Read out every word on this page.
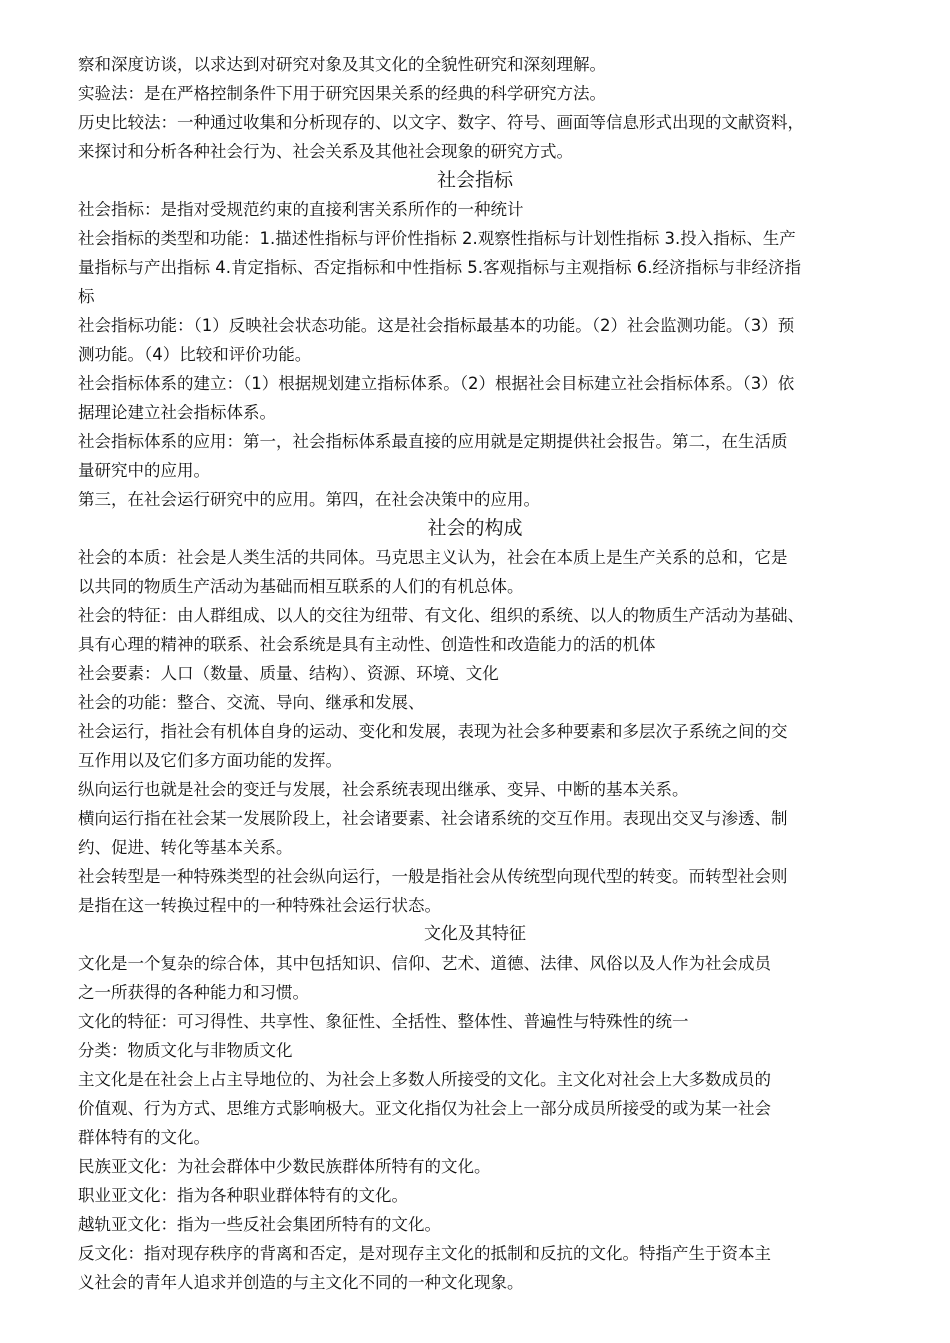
察和深度访谈，以求达到对研究对象及其文化的全貌性研究和深刻理解。
实验法：是在严格控制条件下用于研究因果关系的经典的科学研究方法。
历史比较法：一种通过收集和分析现存的、以文字、数字、符号、画面等信息形式出现的文献资料，
来探讨和分析各种社会行为、社会关系及其他社会现象的研究方式。
社会指标
社会指标：是指对受规范约束的直接利害关系所作的一种统计
社会指标的类型和功能：1.描述性指标与评价性指标 2.观察性指标与计划性指标 3.投入指标、生产
量指标与产出指标 4.肯定指标、否定指标和中性指标 5.客观指标与主观指标 6.经济指标与非经济指
标
社会指标功能：（1）反映社会状态功能。这是社会指标最基本的功能。（2）社会监测功能。（3）预
测功能。（4）比较和评价功能。
社会指标体系的建立：（1）根据规划建立指标体系。（2）根据社会目标建立社会指标体系。（3）依
据理论建立社会指标体系。
社会指标体系的应用：第一，社会指标体系最直接的应用就是定期提供社会报告。第二，在生活质
量研究中的应用。
第三，在社会运行研究中的应用。第四，在社会决策中的应用。
社会的构成
社会的本质：社会是人类生活的共同体。马克思主义认为，社会在本质上是生产关系的总和，它是
以共同的物质生产活动为基础而相互联系的人们的有机总体。
社会的特征：由人群组成、以人的交往为纽带、有文化、组织的系统、以人的物质生产活动为基础、
具有心理的精神的联系、社会系统是具有主动性、创造性和改造能力的活的机体
社会要素：人口（数量、质量、结构）、资源、环境、文化
社会的功能：整合、交流、导向、继承和发展、
社会运行，指社会有机体自身的运动、变化和发展，表现为社会多种要素和多层次子系统之间的交
互作用以及它们多方面功能的发挥。
纵向运行也就是社会的变迁与发展，社会系统表现出继承、变异、中断的基本关系。
横向运行指在社会某一发展阶段上，社会诸要素、社会诸系统的交互作用。表现出交叉与渗透、制
约、促进、转化等基本关系。
社会转型是一种特殊类型的社会纵向运行，一般是指社会从传统型向现代型的转变。而转型社会则
是指在这一转换过程中的一种特殊社会运行状态。
文化及其特征
文化是一个复杂的综合体，其中包括知识、信仰、艺术、道德、法律、风俗以及人作为社会成员
之一所获得的各种能力和习惯。
文化的特征：可习得性、共享性、象征性、全括性、整体性、普遍性与特殊性的统一
分类：物质文化与非物质文化
主文化是在社会上占主导地位的、为社会上多数人所接受的文化。主文化对社会上大多数成员的
价值观、行为方式、思维方式影响极大。亚文化指仅为社会上一部分成员所接受的或为某一社会
群体特有的文化。
民族亚文化：为社会群体中少数民族群体所特有的文化。
职业亚文化：指为各种职业群体特有的文化。
越轨亚文化：指为一些反社会集团所特有的文化。
反文化：指对现存秩序的背离和否定，是对现存主文化的抵制和反抗的文化。特指产生于资本主
义社会的青年人追求并创造的与主文化不同的一种文化现象。
